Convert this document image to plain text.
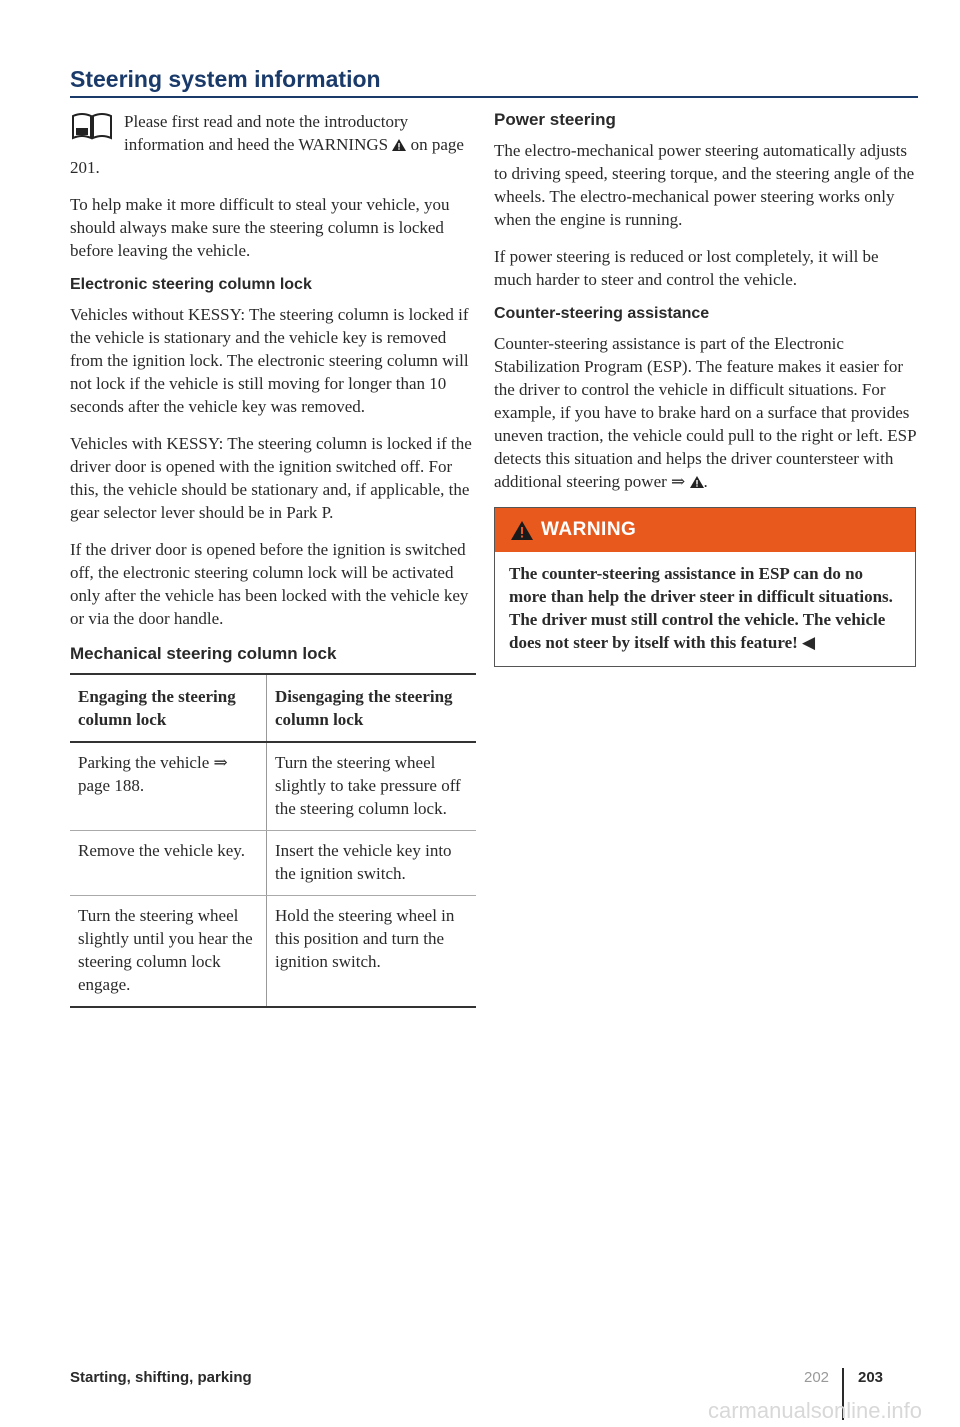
Steering system information

Please first read and note the introductory information and heed the WARNINGS on page 201.

To help make it more difficult to steal your vehicle, you should always make sure the steering column is locked before leaving the vehicle.

Electronic steering column lock

Vehicles without KESSY: The steering column is locked if the vehicle is stationary and the vehicle key is removed from the ignition lock. The electronic steering column will not lock if the vehicle is still moving for longer than 10 seconds after the vehicle key was removed.

Vehicles with KESSY: The steering column is locked if the driver door is opened with the ignition switched off. For this, the vehicle should be stationary and, if applicable, the gear selector lever should be in Park P.

If the driver door is opened before the ignition is switched off, the electronic steering column lock will be activated only after the vehicle has been locked with the vehicle key or via the door handle.

Mechanical steering column lock
Engaging the steering column lock	Disengaging the steering column lock
Parking the vehicle ⇒ page 188.	Turn the steering wheel slightly to take pressure off the steering column lock.
Remove the vehicle key.	Insert the vehicle key into the ignition switch.
Turn the steering wheel slightly until you hear the steering column lock engage.	Hold the steering wheel in this position and turn the ignition switch.
Power steering

The electro-mechanical power steering automatically adjusts to driving speed, steering torque, and the steering angle of the wheels. The electro-mechanical power steering works only when the engine is running.

If power steering is reduced or lost completely, it will be much harder to steer and control the vehicle.

Counter-steering assistance

Counter-steering assistance is part of the Electronic Stabilization Program (ESP). The feature makes it easier for the driver to control the vehicle in difficult situations. For example, if you have to brake hard on a surface that provides uneven traction, the vehicle could pull to the right or left. ESP detects this situation and helps the driver countersteer with additional steering power ⇒ .

WARNING
The counter-steering assistance in ESP can do no more than help the driver steer in difficult situations. The driver must still control the vehicle. The vehicle does not steer by itself with this feature! ◀
Starting, shifting, parking	202 203
carmanualsonline.info
